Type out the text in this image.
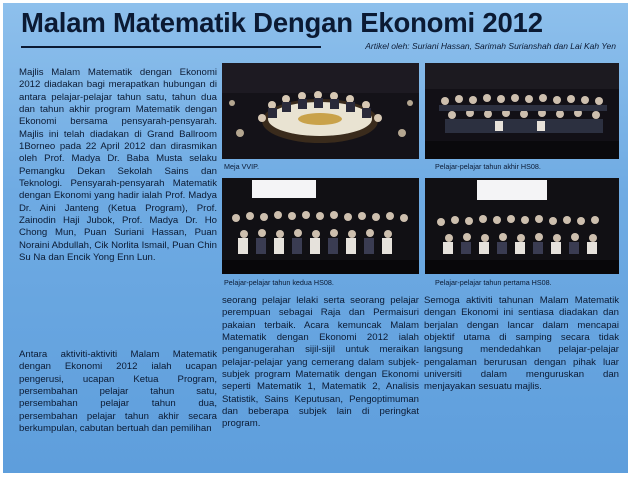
Malam Matematik Dengan Ekonomi 2012
Artikel oleh: Suriani Hassan, Sarimah Surianshah dan Lai Kah Yen
Meja VVIP.	Pelajar-pelajar tahun akhir HS08.
Pelajar-pelajar tahun kedua HS08.	Pelajar-pelajar tahun pertama HS08.

Majlis Malam Matematik dengan Ekonomi 2012 diadakan bagi merapatkan hubungan di antara pelajar-pelajar tahun satu, tahun dua dan tahun akhir program Matematik dengan Ekonomi bersama pensyarah-pensyarah. Majlis ini telah diadakan di Grand Ballroom 1Borneo pada 22 April 2012 dan dirasmikan oleh Prof. Madya Dr. Baba Musta selaku Pemangku Dekan Sekolah Sains dan Teknologi. Pensyarah-pensyarah Matematik dengan Ekonomi yang hadir ialah Prof. Madya Dr. Aini Janteng (Ketua Program), Prof. Zainodin Haji Jubok, Prof. Madya Dr. Ho Chong Mun, Puan Suriani Hassan, Puan Noraini Abdullah, Cik Norlita Ismail, Puan Chin Su Na dan Encik Yong Enn Lun.

Antara aktiviti-aktiviti Malam Matematik dengan Ekonomi 2012 ialah ucapan pengerusi, ucapan Ketua Program, persembahan pelajar tahun satu, persembahan pelajar tahun dua, persembahan pelajar tahun akhir secara berkumpulan, cabutan bertuah dan pemilihan

seorang pelajar lelaki serta seorang pelajar perempuan sebagai Raja dan Permaisuri pakaian terbaik. Acara kemuncak Malam Matematik dengan Ekonomi 2012 ialah penganugerahan sijil-sijil untuk meraikan pelajar-pelajar yang cemerang dalam subjek-subjek program Matematik dengan Ekonomi seperti Matematik 1, Matematik 2, Analisis Statistik, Sains Keputusan, Pengoptimuman dan beberapa subjek lain di peringkat program.

Semoga aktiviti tahunan Malam Matematik dengan Ekonomi ini sentiasa diadakan dan berjalan dengan lancar dalam mencapai objektif utama di samping secara tidak langsung mendedahkan pelajar-pelajar pengalaman berurusan dengan pihak luar universiti dalam menguruskan dan menjayakan sesuatu majlis.
